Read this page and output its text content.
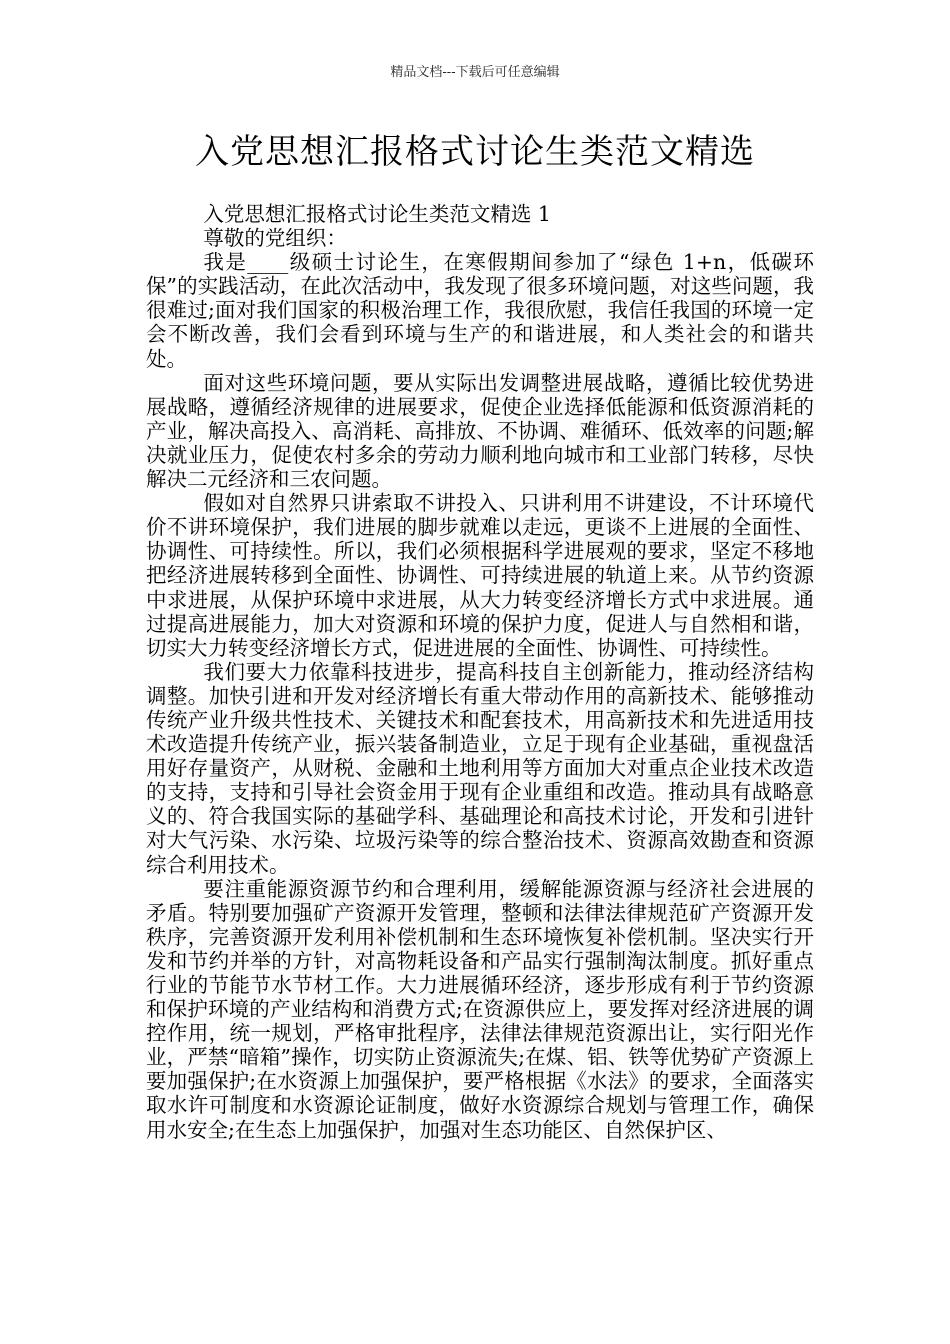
精品文档---下载后可任意编辑
入党思想汇报格式讨论生类范文精选

入党思想汇报格式讨论生类范文精选 1

尊敬的党组织：

我是____级硕士讨论生，在寒假期间参加了“绿色 1+n，低碳环保”的实践活动，在此次活动中，我发现了很多环境问题，对这些问题，我很难过;面对我们国家的积极治理工作，我很欣慰，我信任我国的环境一定会不断改善，我们会看到环境与生产的和谐进展，和人类社会的和谐共处。

面对这些环境问题，要从实际出发调整进展战略，遵循比较优势进展战略，遵循经济规律的进展要求，促使企业选择低能源和低资源消耗的产业，解决高投入、高消耗、高排放、不协调、难循环、低效率的问题;解决就业压力，促使农村多余的劳动力顺利地向城市和工业部门转移，尽快解决二元经济和三农问题。

假如对自然界只讲索取不讲投入、只讲利用不讲建设，不计环境代价不讲环境保护，我们进展的脚步就难以走远，更谈不上进展的全面性、协调性、可持续性。所以，我们必须根据科学进展观的要求，坚定不移地把经济进展转移到全面性、协调性、可持续进展的轨道上来。从节约资源中求进展，从保护环境中求进展，从大力转变经济增长方式中求进展。通过提高进展能力，加大对资源和环境的保护力度，促进人与自然相和谐，切实大力转变经济增长方式，促进进展的全面性、协调性、可持续性。

我们要大力依靠科技进步，提高科技自主创新能力，推动经济结构调整。加快引进和开发对经济增长有重大带动作用的高新技术、能够推动传统产业升级共性技术、关键技术和配套技术，用高新技术和先进适用技术改造提升传统产业，振兴装备制造业，立足于现有企业基础，重视盘活用好存量资产，从财税、金融和土地利用等方面加大对重点企业技术改造的支持，支持和引导社会资金用于现有企业重组和改造。推动具有战略意义的、符合我国实际的基础学科、基础理论和高技术讨论，开发和引进针对大气污染、水污染、垃圾污染等的综合整治技术、资源高效勘查和资源综合利用技术。

要注重能源资源节约和合理利用，缓解能源资源与经济社会进展的矛盾。特别要加强矿产资源开发管理，整顿和法律法律规范矿产资源开发秩序，完善资源开发利用补偿机制和生态环境恢复补偿机制。坚决实行开发和节约并举的方针，对高物耗设备和产品实行强制淘汰制度。抓好重点行业的节能节水节材工作。大力进展循环经济，逐步形成有利于节约资源和保护环境的产业结构和消费方式;在资源供应上，要发挥对经济进展的调控作用，统一规划，严格审批程序，法律法律规范资源出让，实行阳光作业，严禁“暗箱”操作，切实防止资源流失;在煤、铝、铁等优势矿产资源上要加强保护;在水资源上加强保护，要严格根据《水法》的要求，全面落实取水许可制度和水资源论证制度，做好水资源综合规划与管理工作，确保用水安全;在生态上加强保护，加强对生态功能区、自然保护区、
